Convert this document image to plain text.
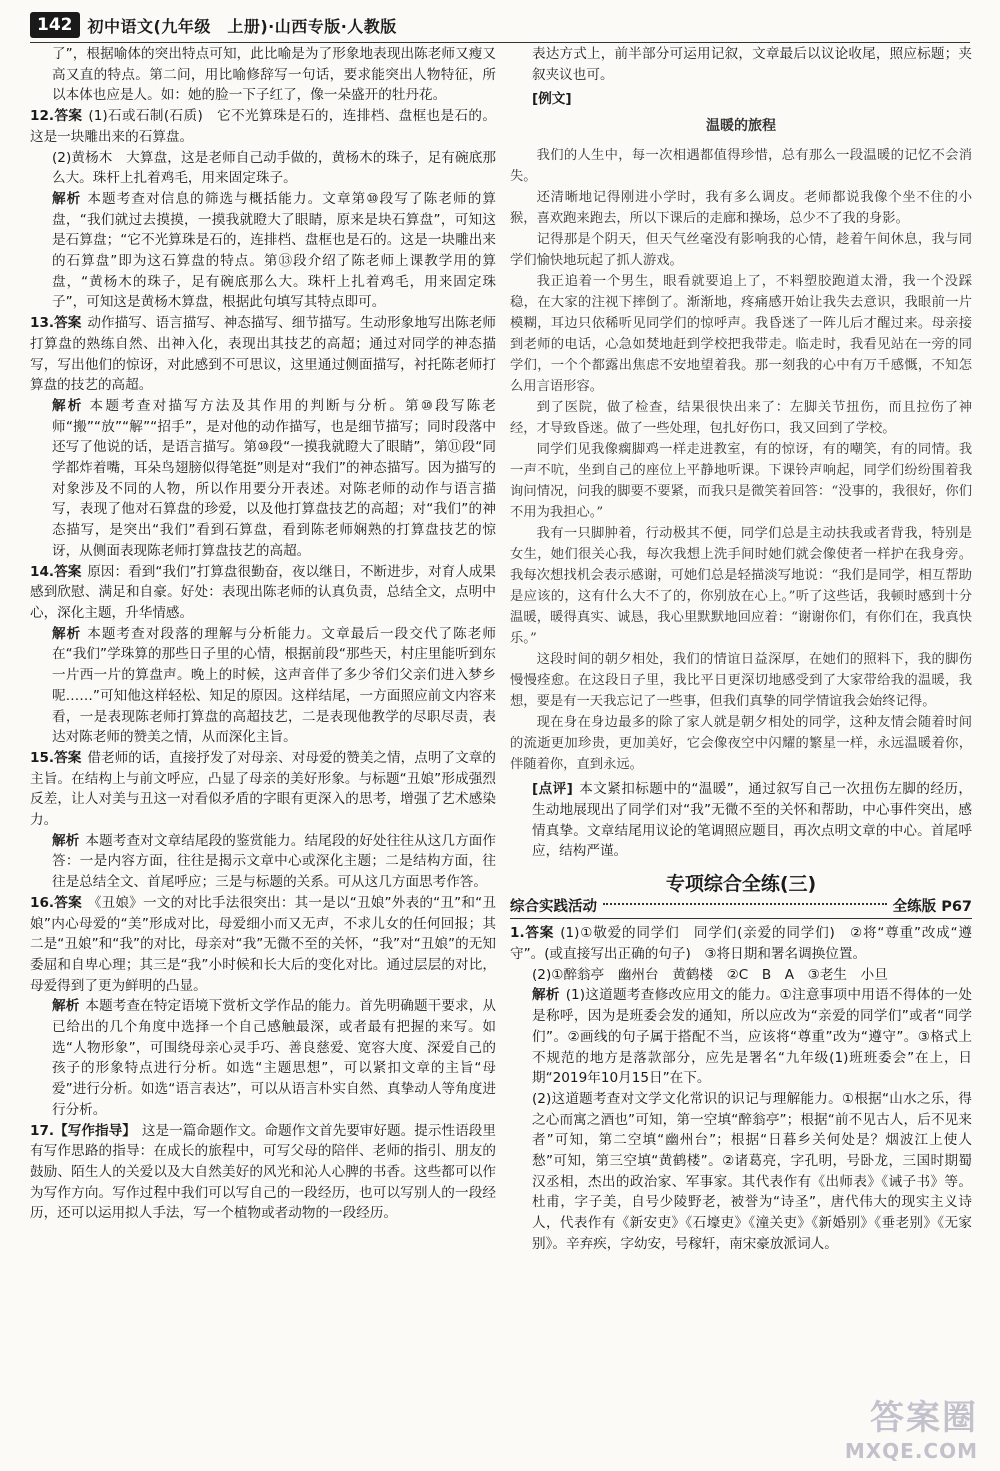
142 初中语文(九年级　上册)·山西专版·人教版

了”，根据喻体的突出特点可知，此比喻是为了形象地表现出陈老师又瘦又高又直的特点。第二问，用比喻修辞写一句话，要求能突出人物特征，所以本体也应是人。如：她的脸一下子红了，像一朵盛开的牡丹花。

12.答案 (1)石或石制(石质)　它不光算珠是石的，连排档、盘框也是石的。这是一块雕出来的石算盘。

(2)黄杨木　大算盘，这是老师自己动手做的，黄杨木的珠子，足有碗底那么大。珠杆上扎着鸡毛，用来固定珠子。

解析 本题考查对信息的筛选与概括能力。文章第⑩段写了陈老师的算盘，“我们就过去摸摸，一摸我就瞪大了眼睛，原来是块石算盘”，可知这是石算盘；“它不光算珠是石的，连排档、盘框也是石的。这是一块雕出来的石算盘”即为这石算盘的特点。第⑬段介绍了陈老师上课教学用的算盘，“黄杨木的珠子，足有碗底那么大。珠杆上扎着鸡毛，用来固定珠子”，可知这是黄杨木算盘，根据此句填写其特点即可。

13.答案 动作描写、语言描写、神态描写、细节描写。生动形象地写出陈老师打算盘的熟练自然、出神入化，表现出其技艺的高超；通过对同学的神态描写，写出他们的惊讶，对此感到不可思议，这里通过侧面描写，衬托陈老师打算盘的技艺的高超。

解析 本题考查对描写方法及其作用的判断与分析。第⑩段写陈老师“搬”“放”“解”“招手”，是对他的动作描写，也是细节描写；同时段落中还写了他说的话，是语言描写。第⑩段“一摸我就瞪大了眼睛”，第⑪段“同学都炸着嘴，耳朵鸟翅膀似得笔挺”则是对“我们”的神态描写。因为描写的对象涉及不同的人物，所以作用要分开表述。对陈老师的动作与语言描写，表现了他对石算盘的珍爱，以及他打算盘技艺的高超；对“我们”的神态描写，是突出“我们”看到石算盘，看到陈老师娴熟的打算盘技艺的惊讶，从侧面表现陈老师打算盘技艺的高超。

14.答案 原因：看到“我们”打算盘很勤奋，夜以继日，不断进步，对育人成果感到欣慰、满足和自豪。好处：表现出陈老师的认真负责，总结全文，点明中心，深化主题，升华情感。

解析 本题考查对段落的理解与分析能力。文章最后一段交代了陈老师在“我们”学珠算的那些日子里的心情，根据前段“那些天，村庄里能听到东一片西一片的算盘声。晚上的时候，这声音伴了多少爷们父亲们进入梦乡呢……”可知他这样轻松、知足的原因。这样结尾，一方面照应前文内容来看，一是表现陈老师打算盘的高超技艺，二是表现他教学的尽职尽责，表达对陈老师的赞美之情，从而深化主旨。

15.答案 借老师的话，直接抒发了对母亲、对母爱的赞美之情，点明了文章的主旨。在结构上与前文呼应，凸显了母亲的美好形象。与标题“丑娘”形成强烈反差，让人对美与丑这一对看似矛盾的字眼有更深入的思考，增强了艺术感染力。

解析 本题考查对文章结尾段的鉴赏能力。结尾段的好处往往从这几方面作答：一是内容方面，往往是揭示文章中心或深化主题；二是结构方面，往往是总结全文、首尾呼应；三是与标题的关系。可从这几方面思考作答。

16.答案 《丑娘》一文的对比手法很突出：其一是以“丑娘”外表的“丑”和“丑娘”内心母爱的“美”形成对比，母爱细小而又无声，不求儿女的任何回报；其二是“丑娘”和“我”的对比，母亲对“我”无微不至的关怀，“我”对“丑娘”的无知委屈和自卑心理；其三是“我”小时候和长大后的变化对比。通过层层的对比，母爱得到了更为鲜明的凸显。

解析 本题考查在特定语境下赏析文学作品的能力。首先明确题干要求，从已给出的几个角度中选择一个自己感触最深，或者最有把握的来写。如选“人物形象”，可围绕母亲心灵手巧、善良慈爱、宽容大度、深爱自己的孩子的形象特点进行分析。如选“主题思想”，可以紧扣文章的主旨“母爱”进行分析。如选“语言表达”，可以从语言朴实自然、真挚动人等角度进行分析。

17.【写作指导】 这是一篇命题作文。命题作文首先要审好题。提示性语段里有写作思路的指导：在成长的旅程中，可写父母的陪伴、老师的指引、朋友的鼓励、陌生人的关爱以及大自然美好的风光和沁人心脾的书香。这些都可以作为写作方向。写作过程中我们可以写自己的一段经历，也可以写别人的一段经历，还可以运用拟人手法，写一个植物或者动物的一段经历。

表达方式上，前半部分可运用记叙，文章最后以议论收尾，照应标题；夹叙夹议也可。

[例文]
温暖的旅程

我们的人生中，每一次相遇都值得珍惜，总有那么一段温暖的记忆不会消失。

还清晰地记得刚进小学时，我有多么调皮。老师都说我像个坐不住的小猴，喜欢跑来跑去，所以下课后的走廊和操场，总少不了我的身影。

记得那是个阴天，但天气丝毫没有影响我的心情，趁着午间休息，我与同学们愉快地玩起了抓人游戏。

我正追着一个男生，眼看就要追上了，不料塑胶跑道太滑，我一个没踩稳，在大家的注视下摔倒了。渐渐地，疼痛感开始让我失去意识，我眼前一片模糊，耳边只依稀听见同学们的惊呼声。我昏迷了一阵儿后才醒过来。母亲接到老师的电话，心急如焚地赶到学校把我带走。临走时，我看见站在一旁的同学们，一个个都露出焦虑不安地望着我。那一刻我的心中有万千感慨，不知怎么用言语形容。

到了医院，做了检查，结果很快出来了：左脚关节扭伤，而且拉伤了神经，才导致昏迷。做了一些处理，包扎好伤口，我又回到了学校。

同学们见我像瘸脚鸡一样走进教室，有的惊讶，有的嘲笑，有的同情。我一声不吭，坐到自己的座位上平静地听课。下课铃声响起，同学们纷纷围着我询问情况，问我的脚要不要紧，而我只是微笑着回答：“没事的，我很好，你们不用为我担心。”

我有一只脚肿着，行动极其不便，同学们总是主动扶我或者背我，特别是女生，她们很关心我，每次我想上洗手间时她们就会像使者一样护在我身旁。我每次想找机会表示感谢，可她们总是轻描淡写地说：“我们是同学，相互帮助是应该的，这有什么大不了的，你别放在心上。”听了这些话，我顿时感到十分温暖，暖得真实、诚恳，我心里默默地回应着：“谢谢你们，有你们在，我真快乐。”

这段时间的朝夕相处，我们的情谊日益深厚，在她们的照料下，我的脚伤慢慢痊愈。在这段日子里，我比平日更深切地感受到了大家带给我的温暖，我想，要是有一天我忘记了一些事，但我们真挚的同学情谊我会始终记得。

现在身在身边最多的除了家人就是朝夕相处的同学，这种友情会随着时间的流逝更加珍贵，更加美好，它会像夜空中闪耀的繁星一样，永远温暖着你，伴随着你，直到永远。

[点评] 本文紧扣标题中的“温暖”，通过叙写自己一次扭伤左脚的经历，生动地展现出了同学们对“我”无微不至的关怀和帮助，中心事件突出，感情真挚。文章结尾用议论的笔调照应题目，再次点明文章的中心。首尾呼应，结构严谨。

专项综合全练(三)
综合实践活动	全练版 P67

1.答案 (1)①敬爱的同学们　同学们(亲爱的同学们)　②将“尊重”改成“遵守”。(或直接写出正确的句子)　③将日期和署名调换位置。

(2)①醉翁亭　幽州台　黄鹤楼　②C　B　A　③老生　小旦

解析 (1)这道题考查修改应用文的能力。①注意事项中用语不得体的一处是称呼，因为是班委会发的通知，所以应改为“亲爱的同学们”或者“同学们”。②画线的句子属于搭配不当，应该将“尊重”改为“遵守”。③格式上不规范的地方是落款部分，应先是署名“九年级(1)班班委会”在上，日期“2019年10月15日”在下。

(2)这道题考查对文学文化常识的识记与理解能力。①根据“山水之乐，得之心而寓之酒也”可知，第一空填“醉翁亭”；根据“前不见古人，后不见来者”可知，第二空填“幽州台”；根据“日暮乡关何处是？烟波江上使人愁”可知，第三空填“黄鹤楼”。②诸葛亮，字孔明，号卧龙，三国时期蜀汉丞相，杰出的政治家、军事家。其代表作有《出师表》《诫子书》等。杜甫，字子美，自号少陵野老，被誉为“诗圣”，唐代伟大的现实主义诗人，代表作有《新安吏》《石壕吏》《潼关吏》《新婚别》《垂老别》《无家别》。辛弃疾，字幼安，号稼轩，南宋豪放派词人。

答案圈
MXQE.COM
